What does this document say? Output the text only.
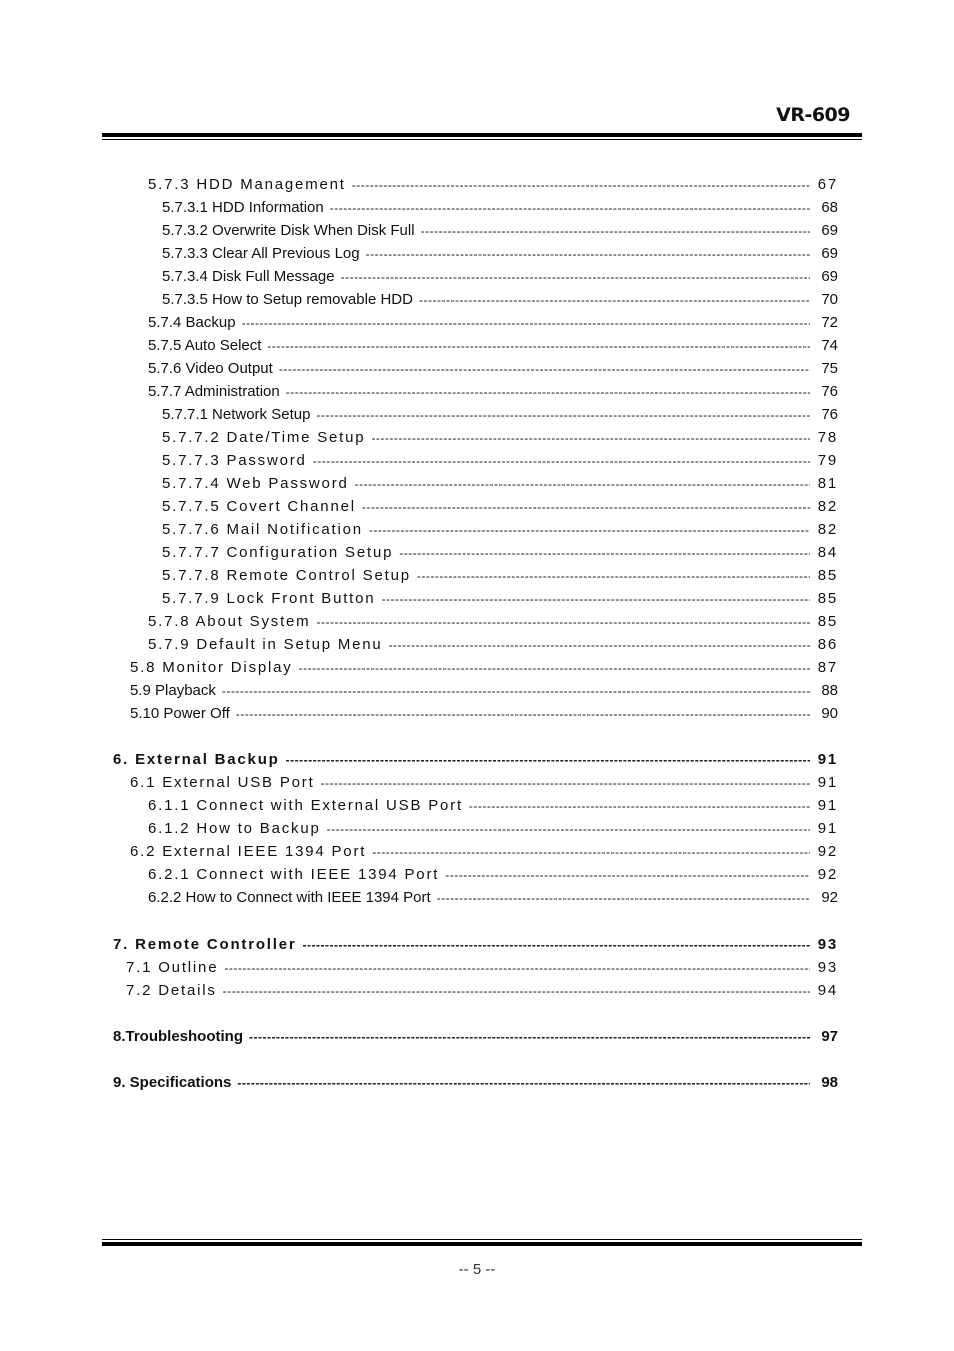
VR-609
5.7.3 HDD Management -----	67
5.7.3.1 HDD Information -----	68
5.7.3.2 Overwrite Disk When Disk Full -----	69
5.7.3.3 Clear All Previous Log -----	69
5.7.3.4 Disk Full Message -----	69
5.7.3.5 How to Setup removable HDD -----	70
5.7.4 Backup -----	72
5.7.5 Auto Select -----	74
5.7.6 Video Output -----	75
5.7.7 Administration -----	76
5.7.7.1 Network Setup -----	76
5.7.7.2 Date/Time Setup -----	78
5.7.7.3 Password -----	79
5.7.7.4 Web Password -----	81
5.7.7.5 Covert Channel -----	82
5.7.7.6 Mail Notification -----	82
5.7.7.7 Configuration Setup -----	84
5.7.7.8 Remote Control Setup -----	85
5.7.7.9 Lock Front Button -----	85
5.7.8 About System -----	85
5.7.9 Default in Setup Menu -----	86
5.8 Monitor Display -----	87
5.9 Playback -----	88
5.10 Power Off -----	90
6. External Backup -----	91
6.1 External USB Port -----	91
6.1.1 Connect with External USB Port -----	91
6.1.2 How to Backup -----	91
6.2 External IEEE 1394 Port -----	92
6.2.1 Connect with IEEE 1394 Port -----	92
6.2.2 How to Connect with IEEE 1394 Port -----	92
7. Remote Controller -----	93
7.1 Outline -----	93
7.2 Details -----	94
8.Troubleshooting -----	97
9. Specifications -----	98
-- 5 --
